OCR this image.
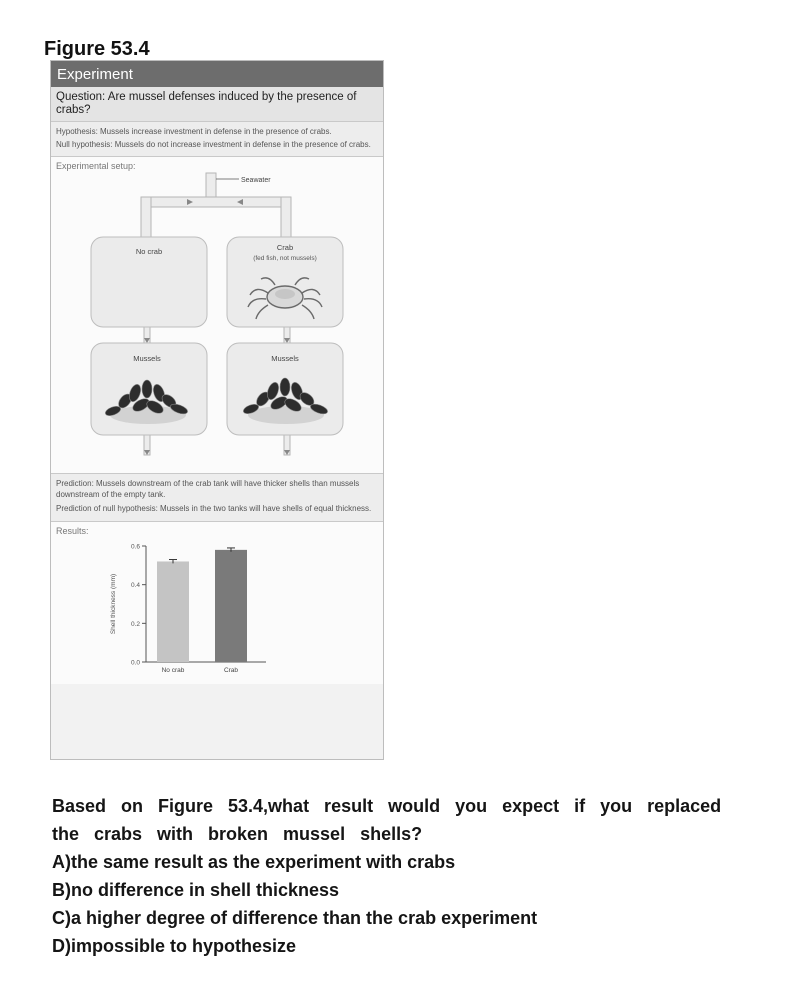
Figure 53.4
Experiment
Question: Are mussel defenses induced by the presence of crabs?

Hypothesis: Mussels increase investment in defense in the presence of crabs.

Null hypothesis: Mussels do not increase investment in defense in the presence of crabs.

Experimental setup:
Seawater
No crab	Crab
(fed fish, not mussels)
Mussels	Mussels

Prediction: Mussels downstream of the crab tank will have thicker shells than mussels downstream of the empty tank.

Prediction of null hypothesis: Mussels in the two tanks will have shells of equal thickness.

Results:
0.0
0.2
0.4
0.6
Shell thickness (mm)
No crab	Crab

Based on Figure 53.4,what result would you expect if you replaced the crabs with broken mussel shells?

A)the same result as the experiment with crabs

B)no difference in shell thickness

C)a higher degree of difference than the crab experiment

D)impossible to hypothesize
